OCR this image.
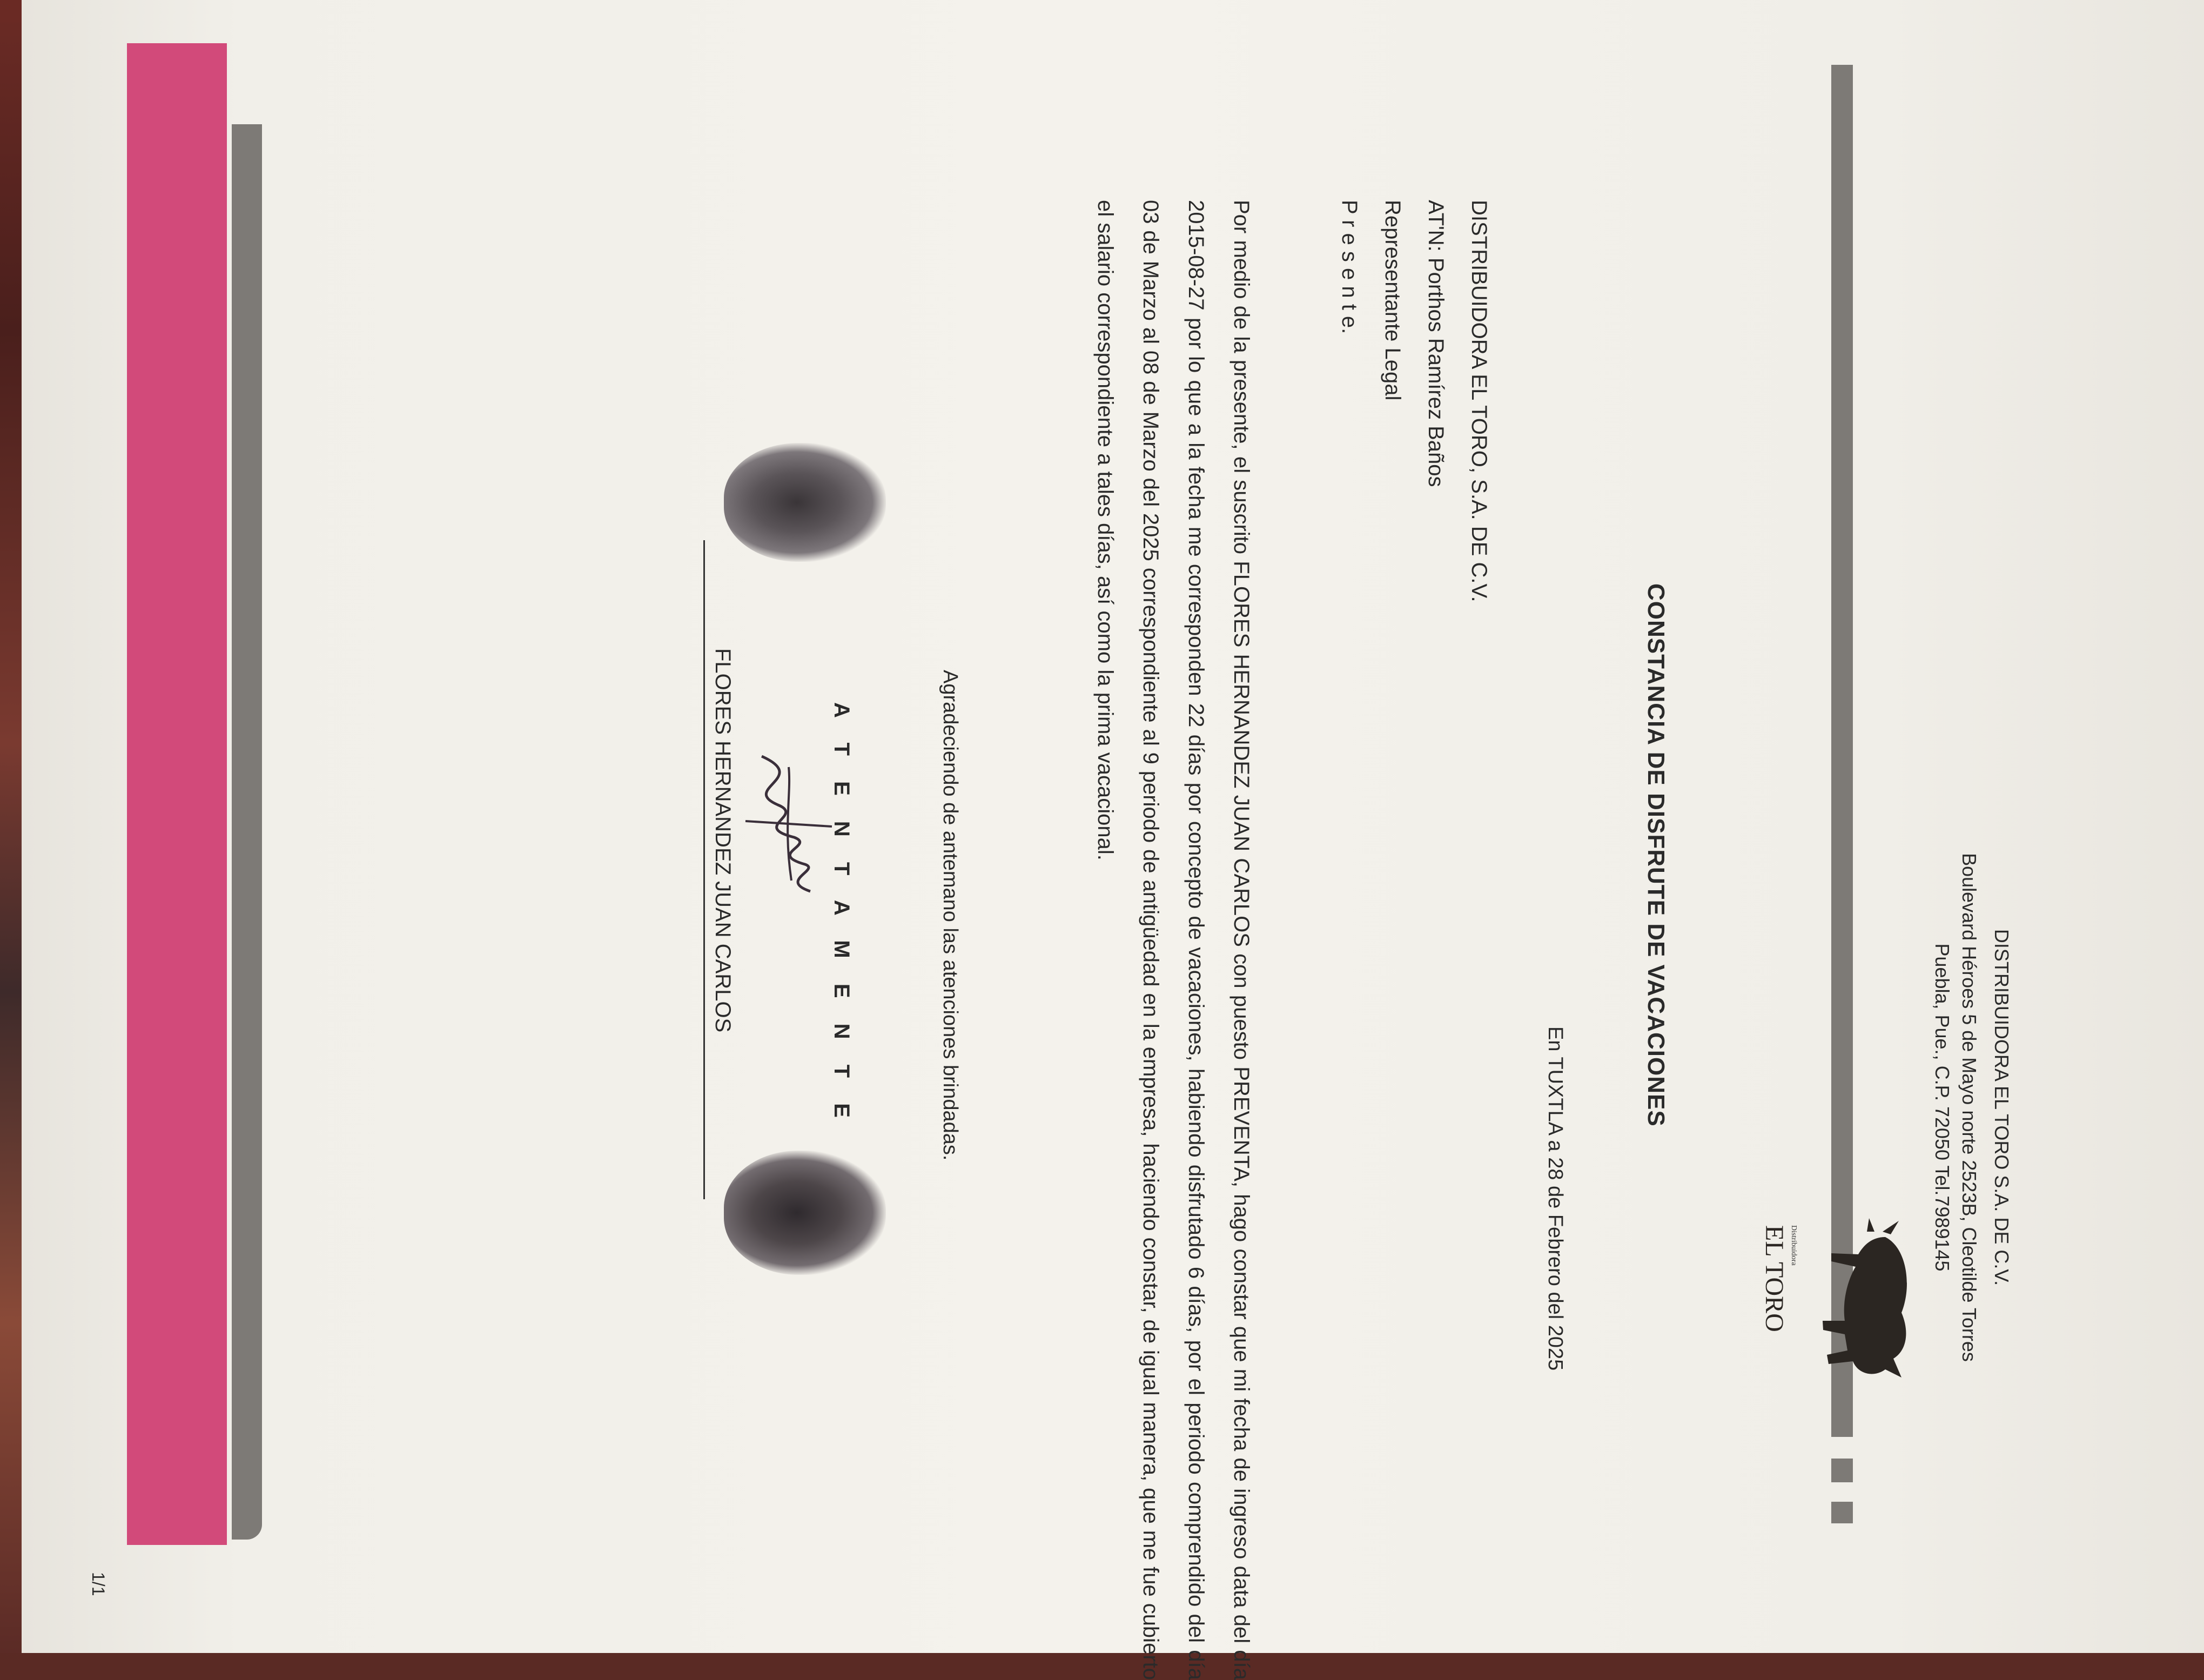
DISTRIBUIDORA EL TORO S.A. DE C.V.
Boulevard Héroes 5 de Mayo norte 2523B, Cleotilde Torres
Puebla, Pue., C.P. 72050 Tel.7989145
Distribuidora
EL TORO
CONSTANCIA DE DISFRUTE DE VACACIONES
En TUXTLA a 28 de Febrero del 2025
DISTRIBUIDORA EL TORO, S.A. DE C.V.
AT'N: Porthos Ramírez Baños
Representante Legal
P r e s e n t e.
Por medio de la presente, el suscrito FLORES HERNANDEZ JUAN CARLOS con puesto PREVENTA, hago constar que mi fecha de ingreso data del día 2015-08-27 por lo que a la fecha me corresponden 22 días por concepto de vacaciones, habiendo disfrutado 6 días, por el periodo comprendido del día 03 de Marzo al 08 de Marzo del 2025 correspondiente al 9 periodo de antigüedad en la empresa, haciendo constar, de igual manera, que me fue cubierto el salario correspondiente a tales días, así como la prima vacacional.
Agradeciendo de antemano las atenciones brindadas.
A T E N T A M E N T E
FLORES HERNANDEZ JUAN CARLOS
1/1
